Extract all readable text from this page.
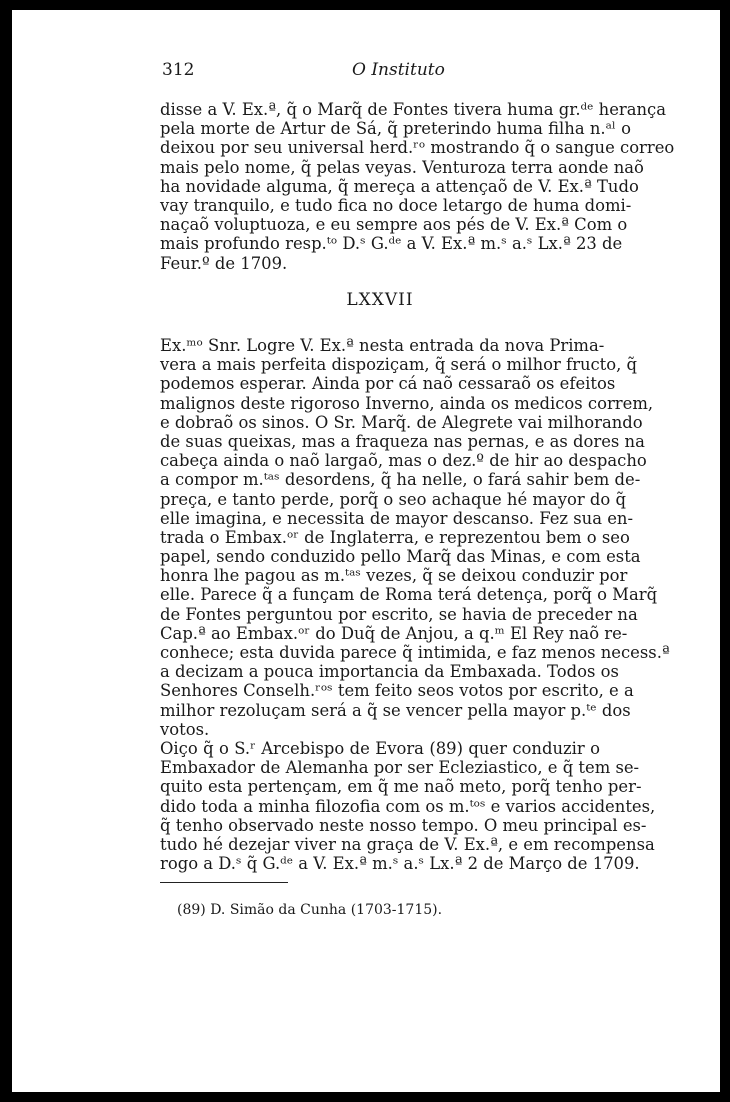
312	O Instituto
disse a V. Ex.ª, q̃ o Marq̃ de Fontes tivera huma gr.ᵈᵉ herança
pela morte de Artur de Sá, q̃ preterindo huma filha n.ᵃˡ o
deixou por seu universal herd.ʳᵒ mostrando q̃ o sangue correo
mais pelo nome, q̃ pelas veyas. Venturoza terra aonde naõ
ha novidade alguma, q̃ mereça a attençaõ de V. Ex.ª Tudo
vay tranquilo, e tudo fica no doce letargo de huma domi-
naçaõ voluptuoza, e eu sempre aos pés de V. Ex.ª Com o
mais profundo resp.ᵗᵒ D.ˢ G.ᵈᵉ a V. Ex.ª m.ˢ a.ˢ Lx.ª 23 de
Feur.º de 1709.
LXXVII
Ex.ᵐᵒ Snr. Logre V. Ex.ª nesta entrada da nova Prima-
vera a mais perfeita dispoziçam, q̃ será o milhor fructo, q̃
podemos esperar. Ainda por cá naõ cessaraõ os efeitos
malignos deste rigoroso Inverno, ainda os medicos correm,
e dobraõ os sinos. O Sr. Marq̃. de Alegrete vai milhorando
de suas queixas, mas a fraqueza nas pernas, e as dores na
cabeça ainda o naõ largaõ, mas o dez.º de hir ao despacho
a compor m.ᵗᵃˢ desordens, q̃ ha nelle, o fará sahir bem de-
preça, e tanto perde, porq̃ o seo achaque hé mayor do q̃
elle imagina, e necessita de mayor descanso. Fez sua en-
trada o Embax.ᵒʳ de Inglaterra, e reprezentou bem o seo
papel, sendo conduzido pello Marq̃ das Minas, e com esta
honra lhe pagou as m.ᵗᵃˢ vezes, q̃ se deixou conduzir por
elle. Parece q̃ a funçam de Roma terá detença, porq̃ o Marq̃
de Fontes perguntou por escrito, se havia de preceder na
Cap.ª ao Embax.ᵒʳ do Duq̃ de Anjou, a q.ᵐ El Rey naõ re-
conhece; esta duvida parece q̃ intimida, e faz menos necess.ª
a decizam a pouca importancia da Embaxada. Todos os
Senhores Conselh.ʳᵒˢ tem feito seos votos por escrito, e a
milhor rezoluçam será a q̃ se vencer pella mayor p.ᵗᵉ dos
votos.
Oiço q̃ o S.ʳ Arcebispo de Evora (89) quer conduzir o
Embaxador de Alemanha por ser Ecleziastico, e q̃ tem se-
quito esta pertençam, em q̃ me naõ meto, porq̃ tenho per-
dido toda a minha filozofia com os m.ᵗᵒˢ e varios accidentes,
q̃ tenho observado neste nosso tempo. O meu principal es-
tudo hé dezejar viver na graça de V. Ex.ª, e em recompensa
rogo a D.ˢ q̃ G.ᵈᵉ a V. Ex.ª m.ˢ a.ˢ Lx.ª 2 de Março de 1709.
(89) D. Simão da Cunha (1703-1715).
